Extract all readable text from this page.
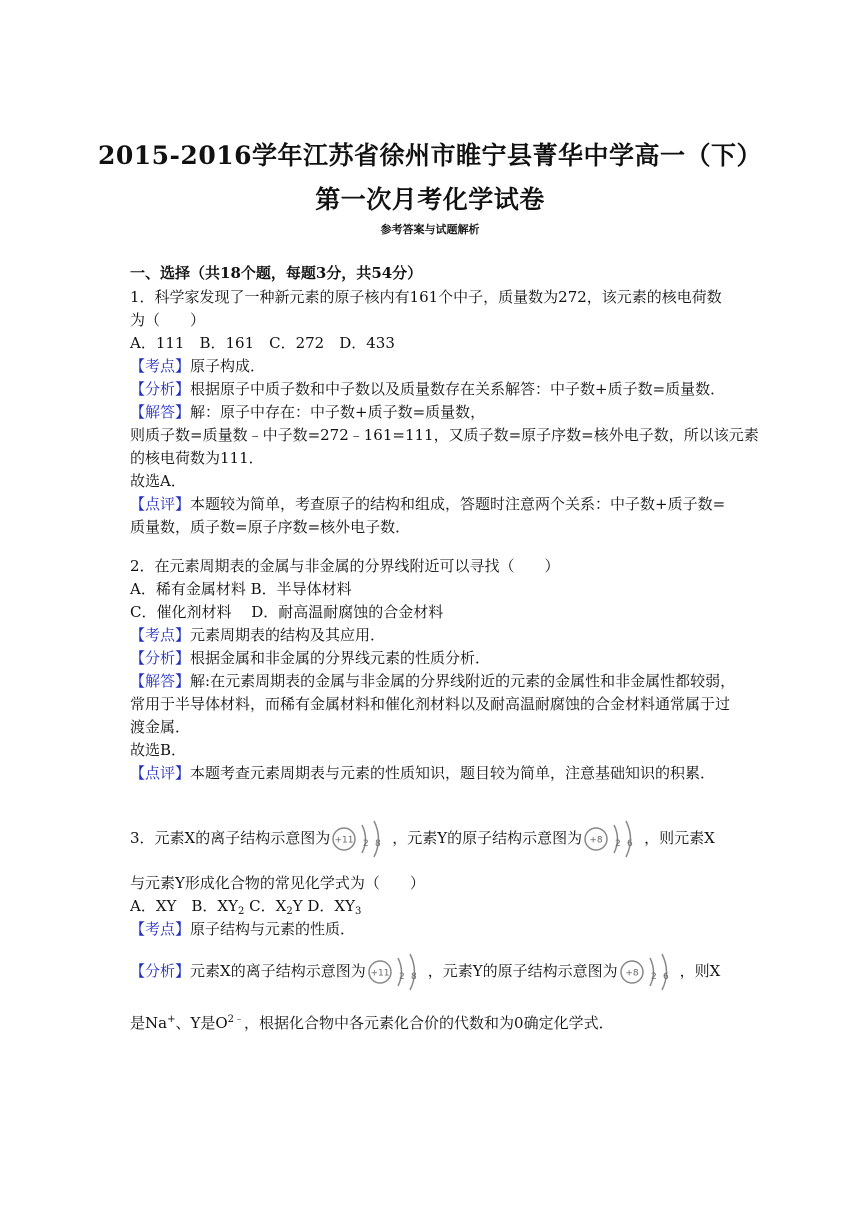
2015-2016学年江苏省徐州市睢宁县菁华中学高一（下）
第一次月考化学试卷
参考答案与试题解析
一、选择（共18个题，每题3分，共54分）
1．科学家发现了一种新元素的原子核内有161个中子，质量数为272，该元素的核电荷数
为（　　）
A．111　B．161　C．272　D．433
【考点】原子构成．
【分析】根据原子中质子数和中子数以及质量数存在关系解答：中子数+质子数=质量数．
【解答】解：原子中存在：中子数+质子数=质量数，
则质子数=质量数﹣中子数=272﹣161=111，又质子数=原子序数=核外电子数，所以该元素
的核电荷数为111．
故选A．
【点评】本题较为简单，考查原子的结构和组成，答题时注意两个关系：中子数+质子数=
质量数，质子数=原子序数=核外电子数．
2．在元素周期表的金属与非金属的分界线附近可以寻找（　　）
A．稀有金属材料 B．半导体材料
C．催化剂材料　 D．耐高温耐腐蚀的合金材料
【考点】元素周期表的结构及其应用．
【分析】根据金属和非金属的分界线元素的性质分析．
【解答】解:在元素周期表的金属与非金属的分界线附近的元素的金属性和非金属性都较弱，
常用于半导体材料，而稀有金属材料和催化剂材料以及耐高温耐腐蚀的合金材料通常属于过
渡金属．
故选B．
【点评】本题考查元素周期表与元素的性质知识，题目较为简单，注意基础知识的积累．
3．元素X的离子结构示意图为 +11 2 8 ，元素Y的原子结构示意图为 +8 2 6 ，则元素X
与元素Y形成化合物的常见化学式为（　　）
A．XY　B．$XY_2$ C．$X_2Y$ D．$XY_3$
【考点】原子结构与元素的性质．
【分析】元素X的离子结构示意图为 +11 2 8 ，元素Y的原子结构示意图为 +8 2 6 ，则X
是Na+、Y是$O^{2﹣}$，根据化合物中各元素化合价的代数和为0确定化学式．
